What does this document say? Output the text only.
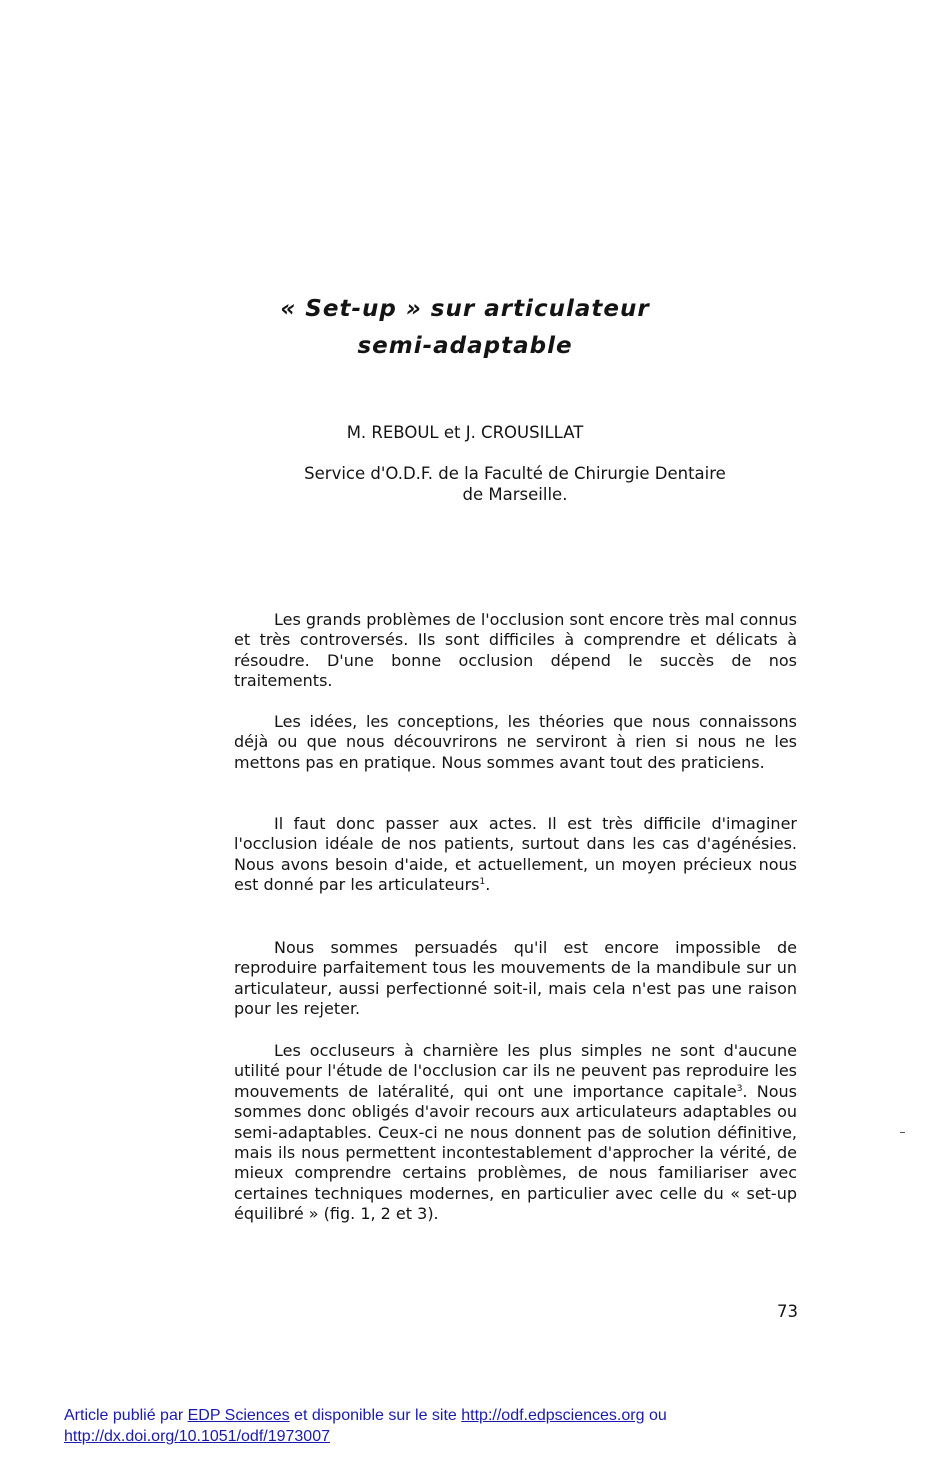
« Set-up » sur articulateur
semi-adaptable

M. REBOUL et J. CROUSILLAT

Service d'O.D.F. de la Faculté de Chirurgie Dentaire

de Marseille.

Les grands problèmes de l'occlusion sont encore très mal connus et très controversés. Ils sont difficiles à comprendre et délicats à résoudre. D'une bonne occlusion dépend le succès de nos traitements.

Les idées, les conceptions, les théories que nous connaissons déjà ou que nous découvrirons ne serviront à rien si nous ne les mettons pas en pratique. Nous sommes avant tout des praticiens.

Il faut donc passer aux actes. Il est très difficile d'imaginer l'occlusion idéale de nos patients, surtout dans les cas d'agénésies. Nous avons besoin d'aide, et actuellement, un moyen précieux nous est donné par les articulateurs$^1$.

Nous sommes persuadés qu'il est encore impossible de reproduire parfaitement tous les mouvements de la mandibule sur un articulateur, aussi perfectionné soit-il, mais cela n'est pas une raison pour les rejeter.

Les occluseurs à charnière les plus simples ne sont d'aucune utilité pour l'étude de l'occlusion car ils ne peuvent pas reproduire les mouvements de latéralité, qui ont une importance capitale$^3$. Nous sommes donc obligés d'avoir recours aux articulateurs adaptables ou semi-adaptables. Ceux-ci ne nous donnent pas de solution définitive, mais ils nous permettent incontestablement d'approcher la vérité, de mieux comprendre certains problèmes, de nous familiariser avec certaines techniques modernes, en particulier avec celle du « set-up équilibré » (fig. 1, 2 et 3).

73

Article publié par EDP Sciences et disponible sur le site http://odf.edpsciences.org ou
http://dx.doi.org/10.1051/odf/1973007
